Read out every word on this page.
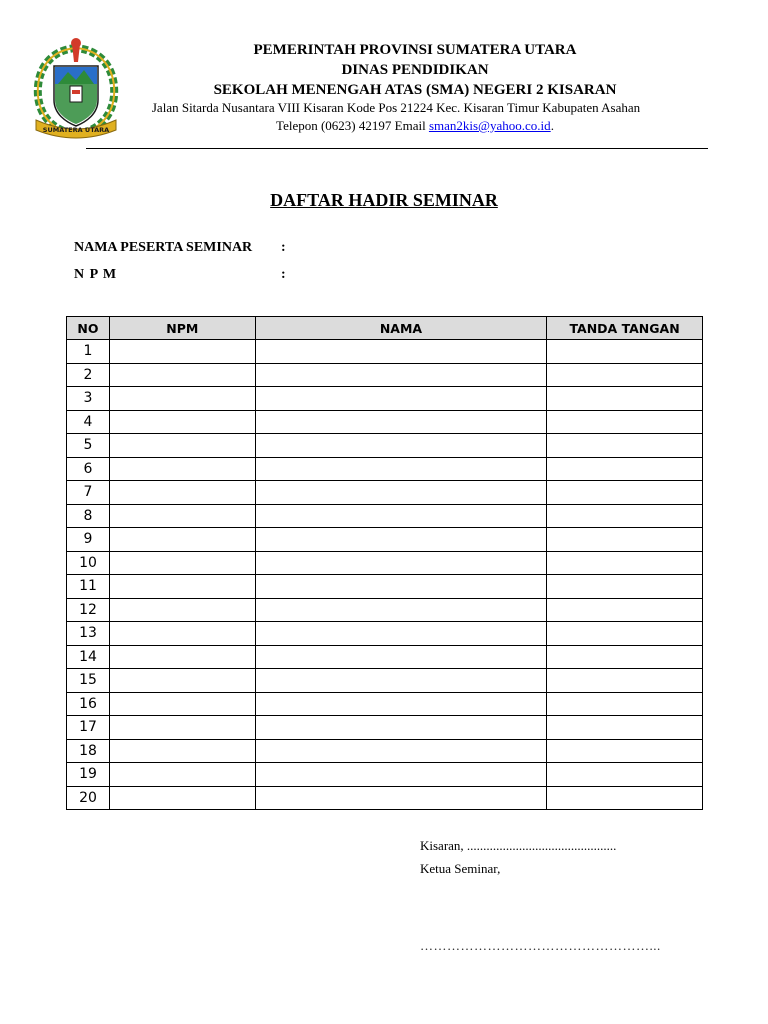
SUMATERA UTARA
PEMERINTAH PROVINSI SUMATERA UTARA
DINAS PENDIDIKAN
SEKOLAH MENENGAH ATAS (SMA) NEGERI 2 KISARAN
Jalan Sitarda Nusantara VIII Kisaran Kode Pos 21224 Kec. Kisaran Timur Kabupaten Asahan
Telepon (0623) 42197 Email sman2kis@yahoo.co.id.
DAFTAR HADIR SEMINAR
NAMA PESERTA SEMINAR :
N P M	:
NO	NPM	NAMA	TANDA TANGAN
1			
2			
3			
4			
5			
6			
7			
8			
9			
10			
11			
12			
13			
14			
15			
16			
17			
18			
19			
20			
Kisaran, ..............................................
Ketua Seminar,
……………………………………………...
